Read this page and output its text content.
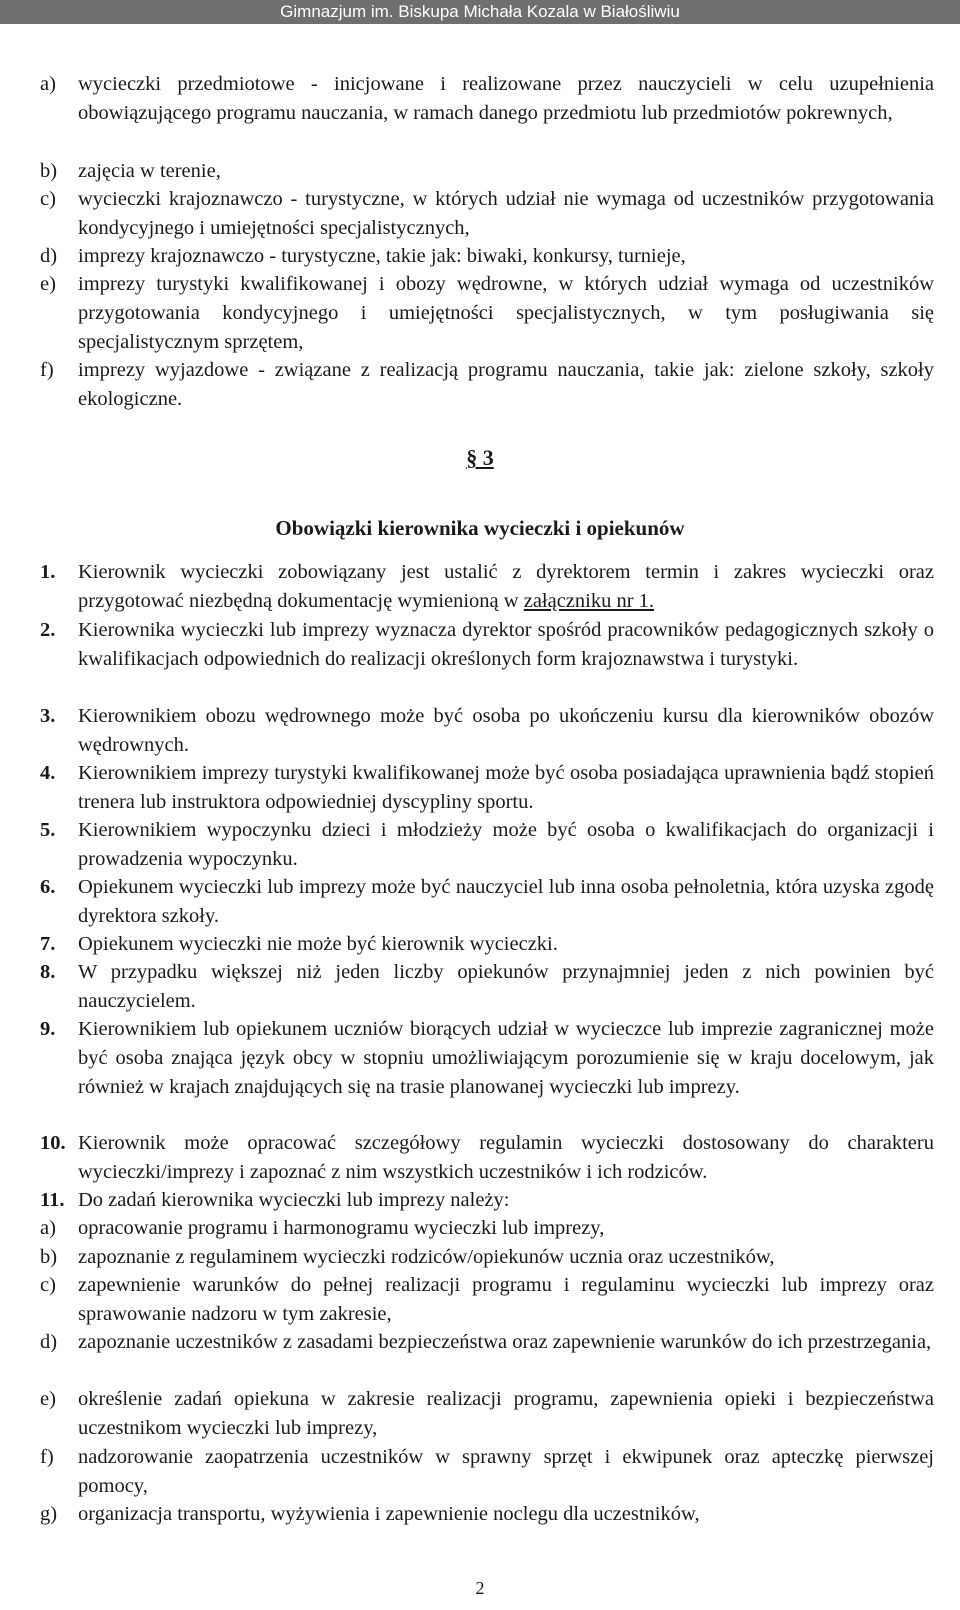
Gimnazjum im. Biskupa Michała Kozala w Białośliwiu
a)	wycieczki przedmiotowe - inicjowane i realizowane przez nauczycieli w celu uzupełnienia obowiązującego programu nauczania, w ramach danego przedmiotu lub przedmiotów pokrewnych,

b)	zajęcia w terenie,

c)	wycieczki krajoznawczo - turystyczne, w których udział nie wymaga od uczestników przygotowania kondycyjnego i umiejętności specjalistycznych,

d)	imprezy krajoznawczo - turystyczne, takie jak: biwaki, konkursy, turnieje,

e)	imprezy turystyki kwalifikowanej i obozy wędrowne, w których udział wymaga od uczestników przygotowania kondycyjnego i umiejętności specjalistycznych, w tym posługiwania się specjalistycznym sprzętem,

f)	imprezy wyjazdowe - związane z realizacją programu nauczania, takie jak: zielone szkoły, szkoły ekologiczne.

§ 3
Obowiązki kierownika wycieczki i opiekunów
1.	Kierownik wycieczki zobowiązany jest ustalić z dyrektorem termin i zakres wycieczki oraz przygotować niezbędną dokumentację wymienioną w załączniku nr 1.

2.	Kierownika wycieczki lub imprezy wyznacza dyrektor spośród pracowników pedagogicznych szkoły o kwalifikacjach odpowiednich do realizacji określonych form krajoznawstwa i turystyki.

3.	Kierownikiem obozu wędrownego może być osoba po ukończeniu kursu dla kierowników obozów wędrownych.

4.	Kierownikiem imprezy turystyki kwalifikowanej może być osoba posiadająca uprawnienia bądź stopień trenera lub instruktora odpowiedniej dyscypliny sportu.

5.	Kierownikiem wypoczynku dzieci i młodzieży może być osoba o kwalifikacjach do organizacji i prowadzenia wypoczynku.

6.	Opiekunem wycieczki lub imprezy może być nauczyciel lub inna osoba pełnoletnia, która uzyska zgodę dyrektora szkoły.

7.	Opiekunem wycieczki nie może być kierownik wycieczki.

8.	W przypadku większej niż jeden liczby opiekunów przynajmniej jeden z nich powinien być nauczycielem.

9.	Kierownikiem lub opiekunem uczniów biorących udział w wycieczce lub imprezie zagranicznej może być osoba znająca język obcy w stopniu umożliwiającym porozumienie się w kraju docelowym, jak również w krajach znajdujących się na trasie planowanej wycieczki lub imprezy.

10. Kierownik może opracować szczegółowy regulamin wycieczki dostosowany do charakteru wycieczki/imprezy i zapoznać z nim wszystkich uczestników i ich rodziców.

11. Do zadań kierownika wycieczki lub imprezy należy:

a)	opracowanie programu i harmonogramu wycieczki lub imprezy,

b)	zapoznanie z regulaminem wycieczki rodziców/opiekunów ucznia oraz uczestników,

c)	zapewnienie warunków do pełnej realizacji programu i regulaminu wycieczki lub imprezy oraz sprawowanie nadzoru w tym zakresie,

d)	zapoznanie uczestników z zasadami bezpieczeństwa oraz zapewnienie warunków do ich przestrzegania,

e)	określenie zadań opiekuna w zakresie realizacji programu, zapewnienia opieki i bezpieczeństwa uczestnikom wycieczki lub imprezy,

f)	nadzorowanie zaopatrzenia uczestników w sprawny sprzęt i ekwipunek oraz apteczkę pierwszej pomocy,

g)	organizacja transportu, wyżywienia i zapewnienie noclegu dla uczestników,

2
